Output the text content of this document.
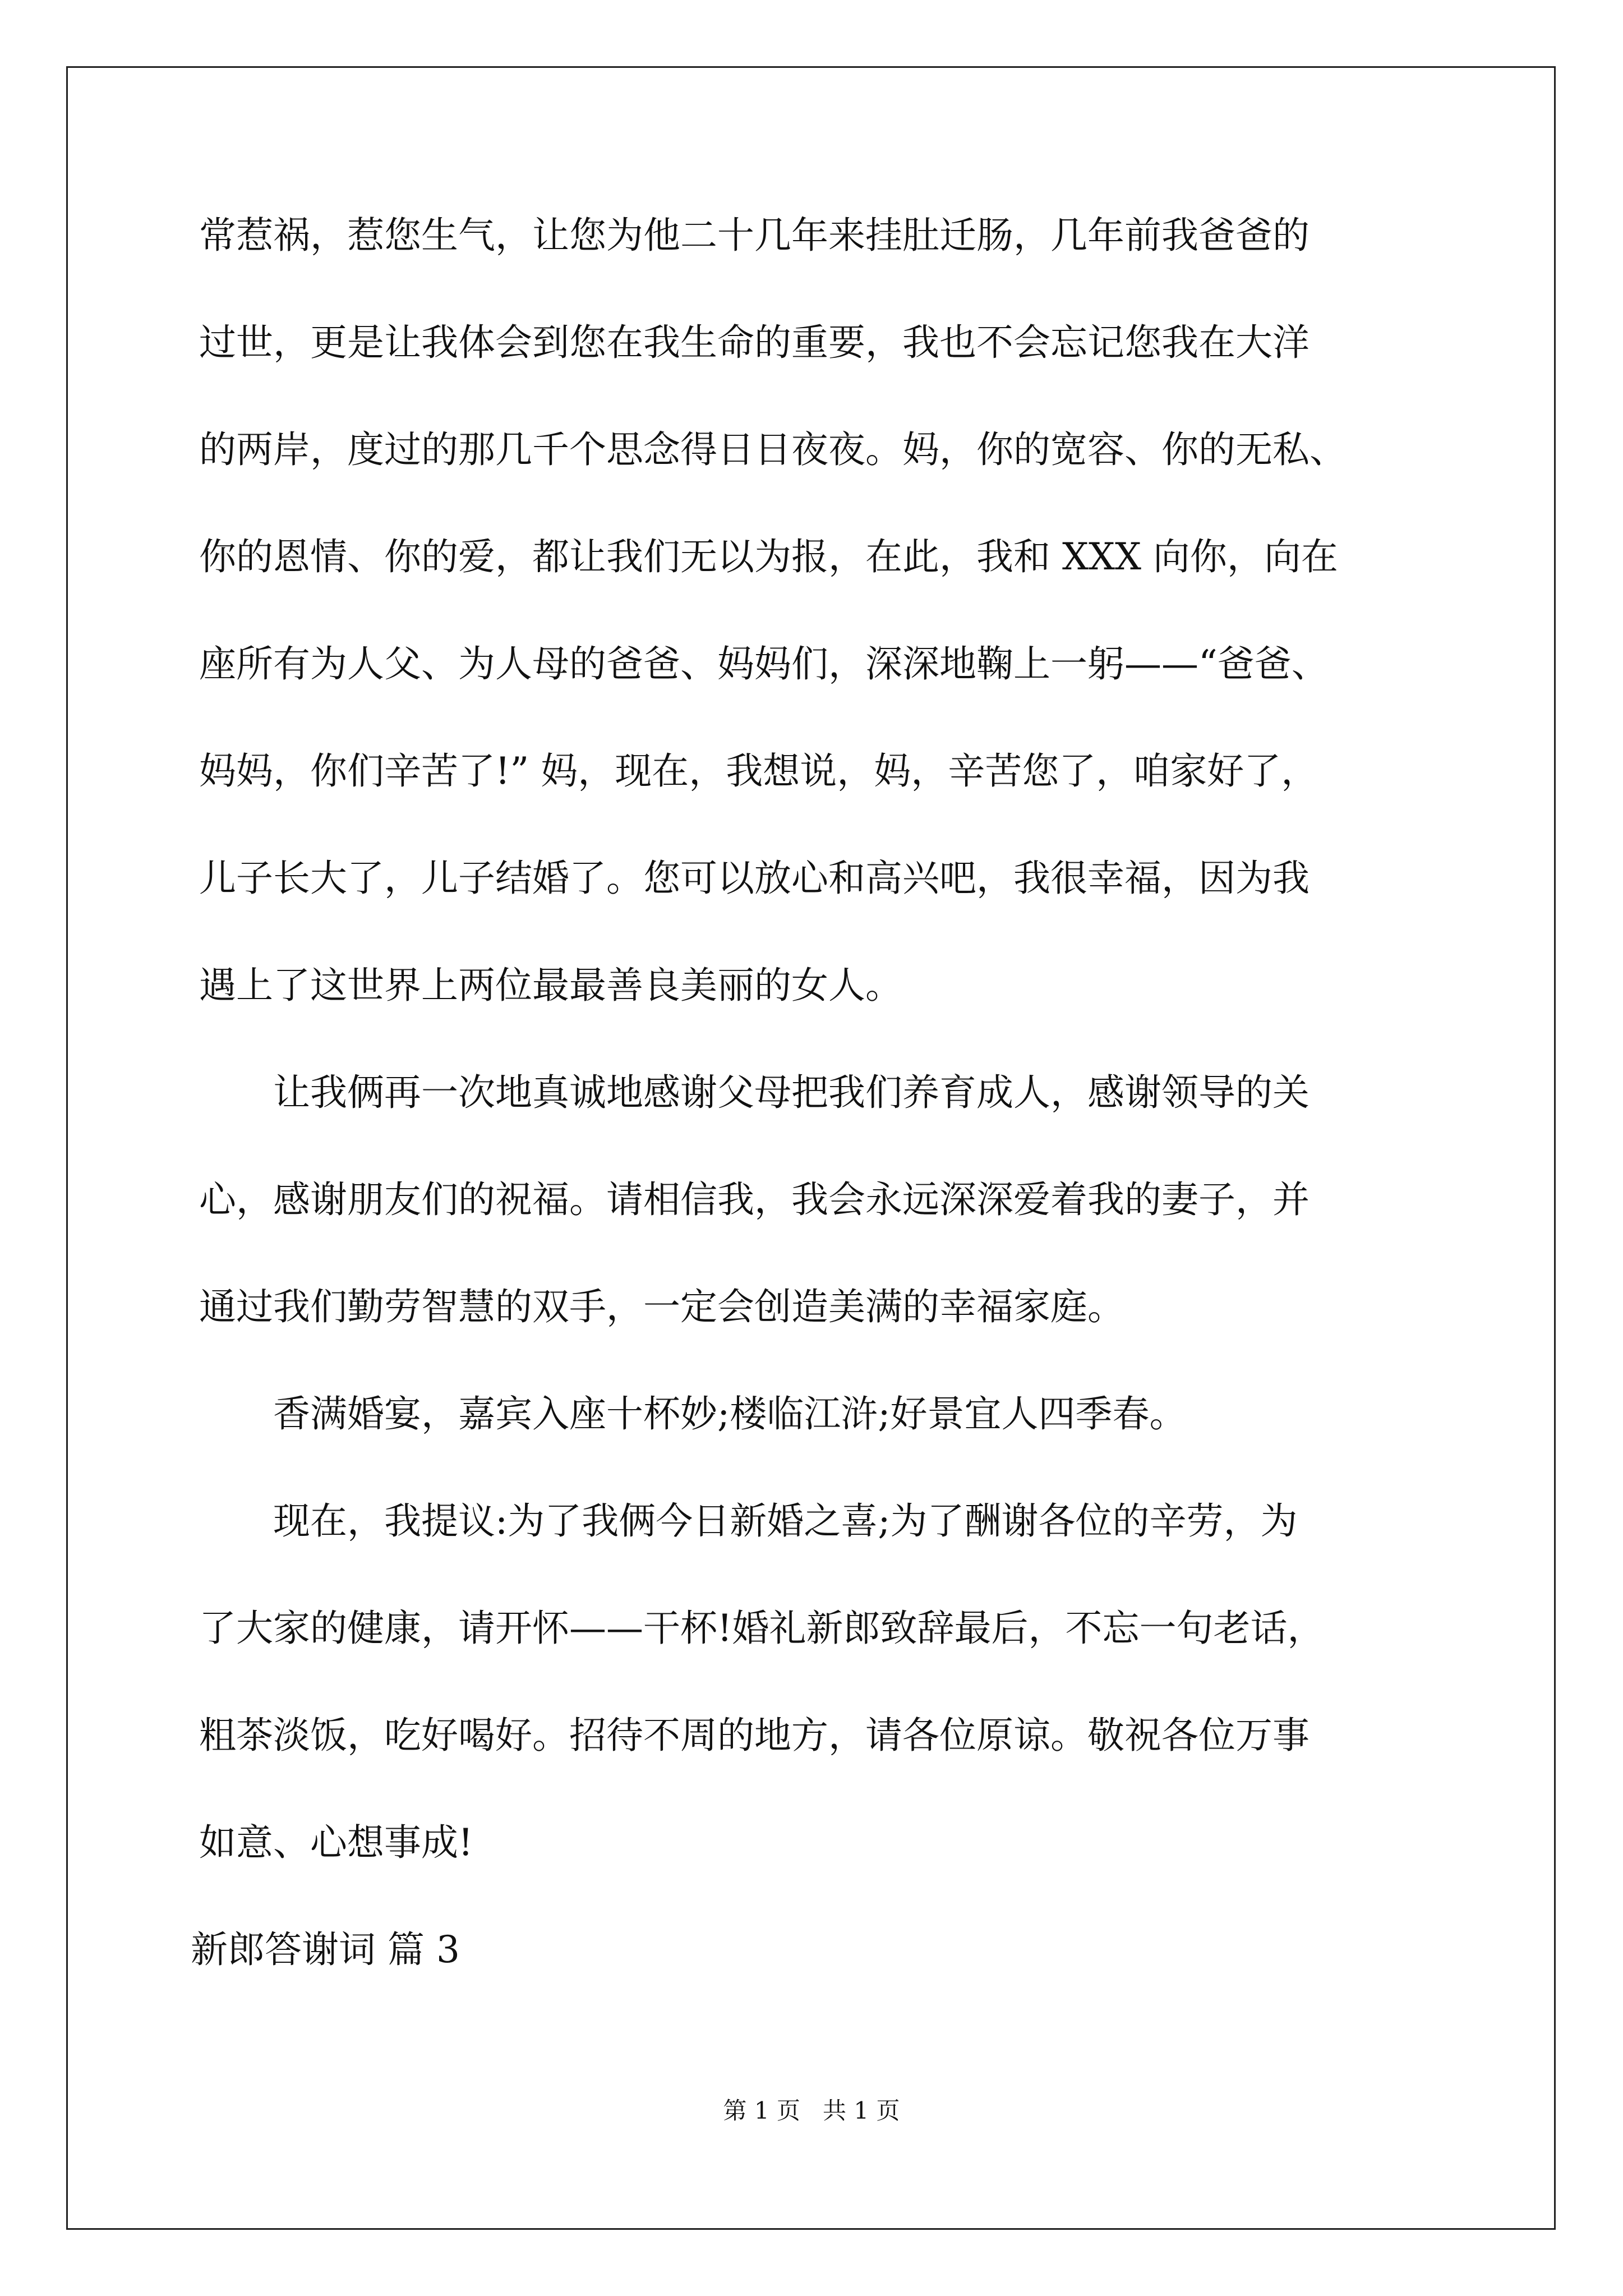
常惹祸，惹您生气，让您为他二十几年来挂肚迁肠，几年前我爸爸的
过世，更是让我体会到您在我生命的重要，我也不会忘记您我在大洋
的两岸，度过的那几千个思念得日日夜夜。妈，你的宽容、你的无私、
你的恩情、你的爱，都让我们无以为报，在此，我和 XXX 向你，向在
座所有为人父、为人母的爸爸、妈妈们，深深地鞠上一躬——“爸爸、
妈妈，你们辛苦了!” 妈，现在，我想说，妈，辛苦您了，咱家好了，
儿子长大了，儿子结婚了。您可以放心和高兴吧，我很幸福，因为我
遇上了这世界上两位最最善良美丽的女人。
　　让我俩再一次地真诚地感谢父母把我们养育成人，感谢领导的关
心，感谢朋友们的祝福。请相信我，我会永远深深爱着我的妻子，并
通过我们勤劳智慧的双手，一定会创造美满的幸福家庭。
　　香满婚宴，嘉宾入座十杯妙;楼临江浒;好景宜人四季春。
　　现在，我提议:为了我俩今日新婚之喜;为了酬谢各位的辛劳，为
了大家的健康，请开怀——干杯!婚礼新郎致辞最后，不忘一句老话，
粗茶淡饭，吃好喝好。招待不周的地方，请各位原谅。敬祝各位万事
如意、心想事成!
新郎答谢词 篇 3
第 1 页   共 1 页
